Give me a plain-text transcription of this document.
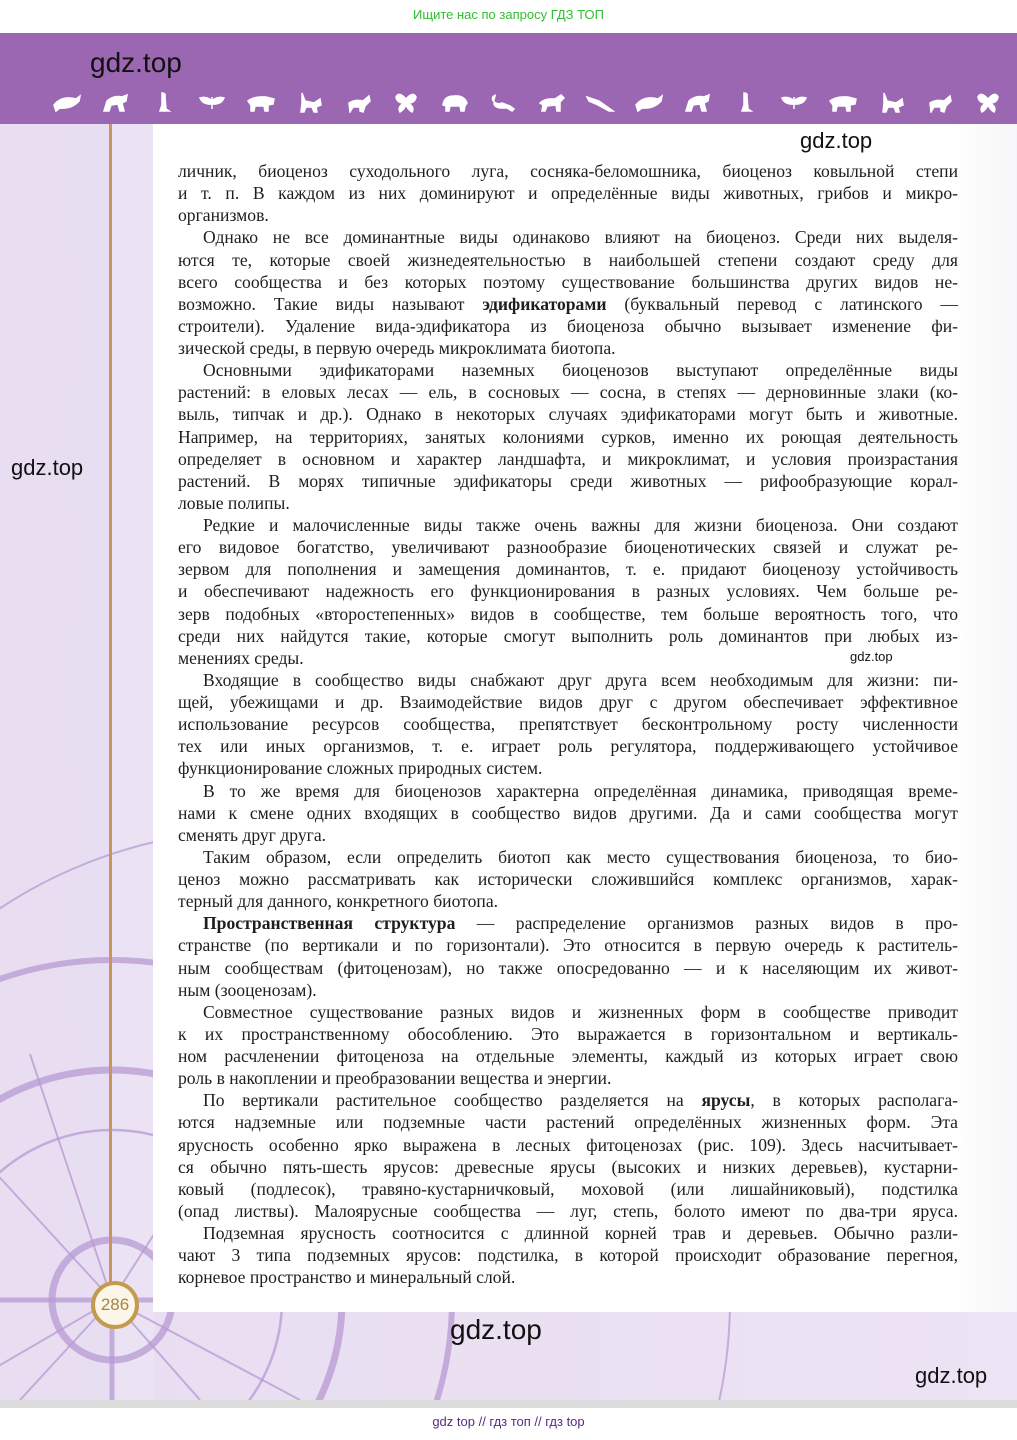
Ищите нас по запросу ГДЗ ТОП
gdz.top
286
личник, биоценоз суходольного луга, сосняка-беломошника, биоценоз ковыльной степи
и т. п. В каждом из них доминируют и определённые виды животных, грибов и микро-
организмов.
Однако не все доминантные виды одинаково влияют на биоценоз. Среди них выделя-
ются те, которые своей жизнедеятельностью в наибольшей степени создают среду для
всего сообщества и без которых поэтому существование большинства других видов не-
возможно. Такие виды называют эдификаторами (буквальный перевод с латинского —
строители). Удаление вида-эдификатора из биоценоза обычно вызывает изменение фи-
зической среды, в первую очередь микроклимата биотопа.
Основными эдификаторами наземных биоценозов выступают определённые виды
растений: в еловых лесах — ель, в сосновых — сосна, в степях — дерновинные злаки (ко-
выль, типчак и др.). Однако в некоторых случаях эдификаторами могут быть и животные.
Например, на территориях, занятых колониями сурков, именно их роющая деятельность
определяет в основном и характер ландшафта, и микроклимат, и условия произрастания
растений. В морях типичные эдификаторы среди животных — рифообразующие корал-
ловые полипы.
Редкие и малочисленные виды также очень важны для жизни биоценоза. Они создают
его видовое богатство, увеличивают разнообразие биоценотических связей и служат ре-
зервом для пополнения и замещения доминантов, т. е. придают биоценозу устойчивость
и обеспечивают надежность его функционирования в разных условиях. Чем больше ре-
зерв подобных «второстепенных» видов в сообществе, тем больше вероятность того, что
среди них найдутся такие, которые смогут выполнить роль доминантов при любых из-
менениях среды.
Входящие в сообщество виды снабжают друг друга всем необходимым для жизни: пи-
щей, убежищами и др. Взаимодействие видов друг с другом обеспечивает эффективное
использование ресурсов сообщества, препятствует бесконтрольному росту численности
тех или иных организмов, т. е. играет роль регулятора, поддерживающего устойчивое
функционирование сложных природных систем.
В то же время для биоценозов характерна определённая динамика, приводящая време-
нами к смене одних входящих в сообщество видов другими. Да и сами сообщества могут
сменять друг друга.
Таким образом, если определить биотоп как место существования биоценоза, то био-
ценоз можно рассматривать как исторически сложившийся комплекс организмов, харак-
терный для данного, конкретного биотопа.
Пространственная структура — распределение организмов разных видов в про-
странстве (по вертикали и по горизонтали). Это относится в первую очередь к раститель-
ным сообществам (фитоценозам), но также опосредованно — и к населяющим их живот-
ным (зооценозам).
Совместное существование разных видов и жизненных форм в сообществе приводит
к их пространственному обособлению. Это выражается в горизонтальном и вертикаль-
ном расчленении фитоценоза на отдельные элементы, каждый из которых играет свою
роль в накоплении и преобразовании вещества и энергии.
По вертикали растительное сообщество разделяется на ярусы, в которых располага-
ются надземные или подземные части растений определённых жизненных форм. Эта
ярусность особенно ярко выражена в лесных фитоценозах (рис. 109). Здесь насчитывает-
ся обычно пять-шесть ярусов: древесные ярусы (высоких и низких деревьев), кустарни-
ковый (подлесок), травяно-кустарничковый, моховой (или лишайниковый), подстилка
(опад листвы). Малоярусные сообщества — луг, степь, болото имеют по два-три яруса.
Подземная ярусность соотносится с длинной корней трав и деревьев. Обычно разли-
чают 3 типа подземных ярусов: подстилка, в которой происходит образование перегноя,
корневое пространство и минеральный слой.
gdz.top
gdz.top
gdz.top
gdz.top
gdz.top
gdz top // гдз топ // гдз top
